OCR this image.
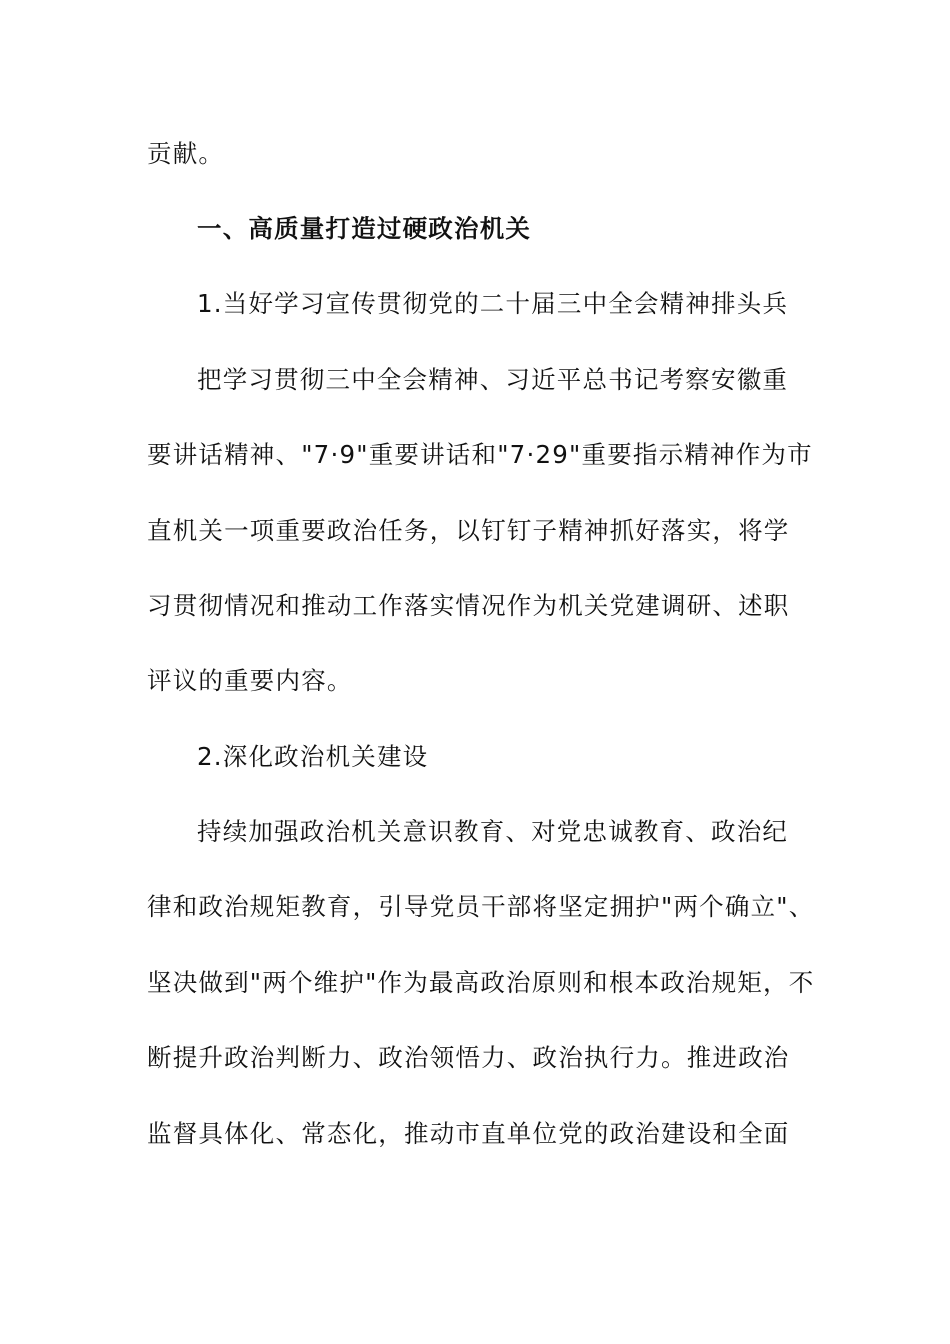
贡献。
一、高质量打造过硬政治机关
1.当好学习宣传贯彻党的二十届三中全会精神排头兵
把学习贯彻三中全会精神、习近平总书记考察安徽重
要讲话精神、"7·9"重要讲话和"7·29"重要指示精神作为市
直机关一项重要政治任务，以钉钉子精神抓好落实，将学
习贯彻情况和推动工作落实情况作为机关党建调研、述职
评议的重要内容。
2.深化政治机关建设
持续加强政治机关意识教育、对党忠诚教育、政治纪
律和政治规矩教育，引导党员干部将坚定拥护"两个确立"、
坚决做到"两个维护"作为最高政治原则和根本政治规矩，不
断提升政治判断力、政治领悟力、政治执行力。推进政治
监督具体化、常态化，推动市直单位党的政治建设和全面
